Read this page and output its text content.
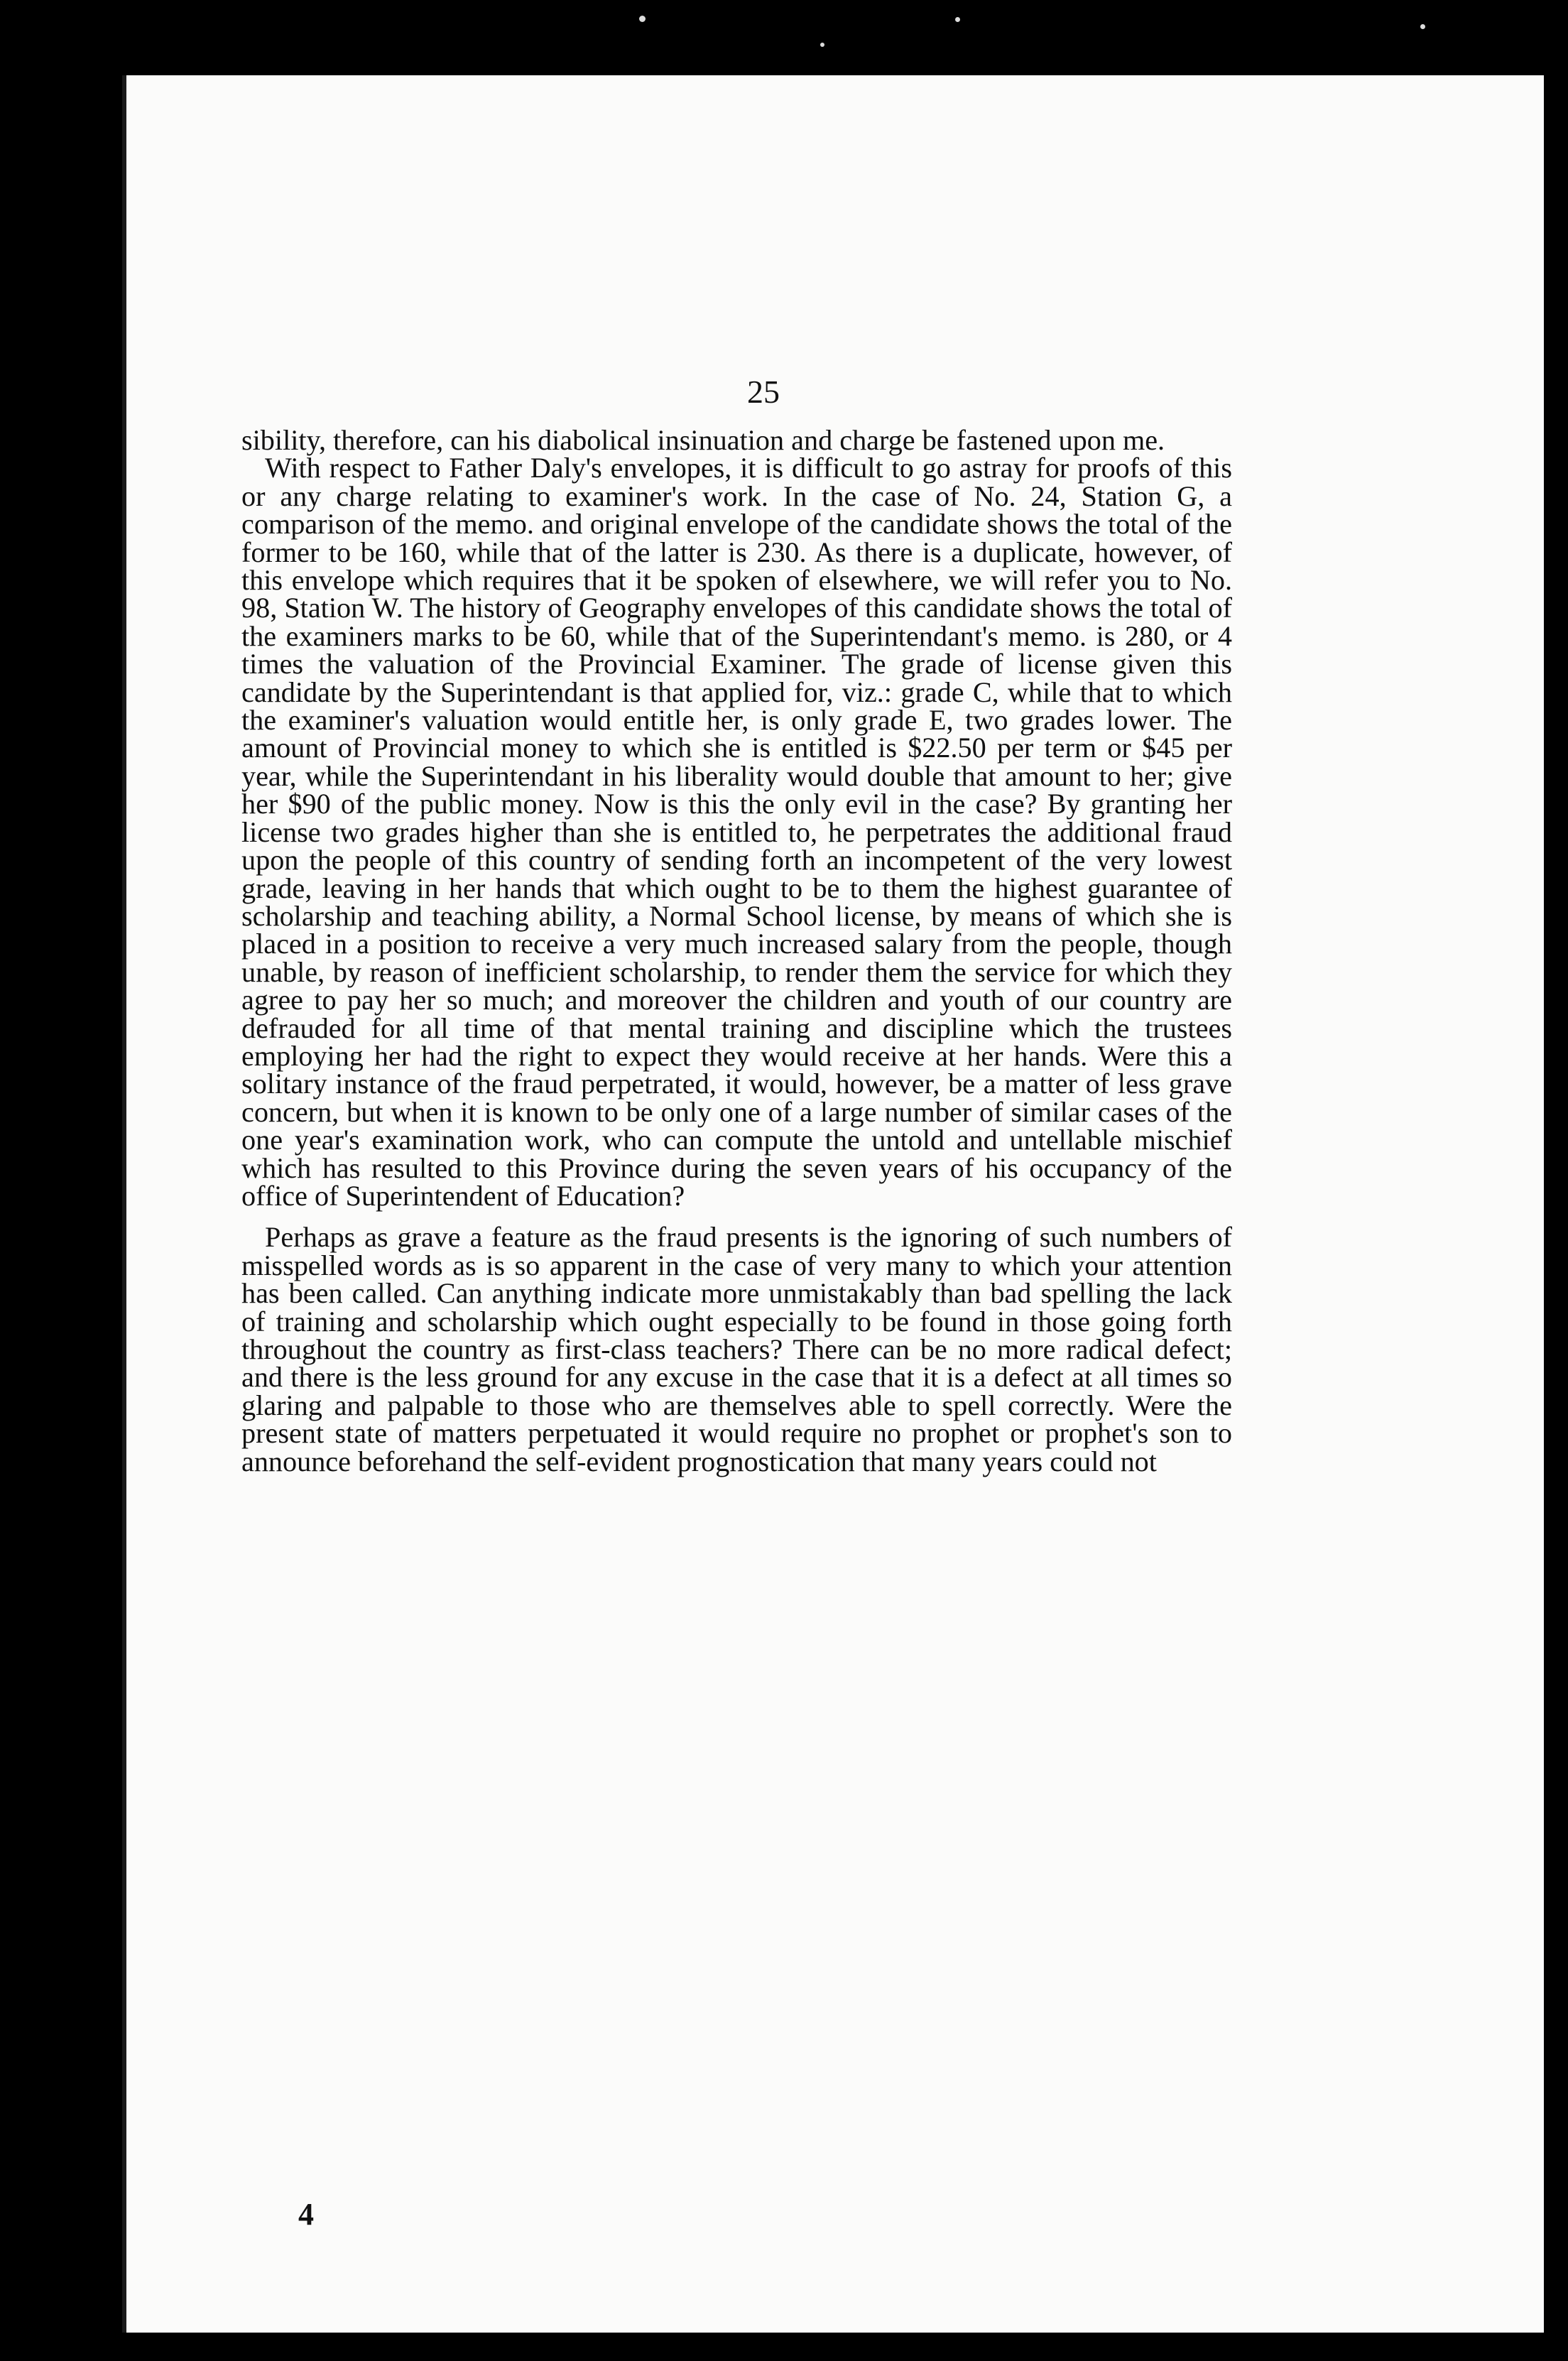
25

sibility, therefore, can his diabolical insinuation and charge be fastened upon me.

With respect to Father Daly's envelopes, it is difficult to go astray for proofs of this or any charge relating to examiner's work. In the case of No. 24, Station G, a comparison of the memo. and original envelope of the candidate shows the total of the former to be 160, while that of the latter is 230. As there is a duplicate, however, of this envelope which requires that it be spoken of elsewhere, we will refer you to No. 98, Station W. The history of Geography envelopes of this candidate shows the total of the examiners marks to be 60, while that of the Superintendant's memo. is 280, or 4 times the valuation of the Provincial Examiner. The grade of license given this candidate by the Superintendant is that applied for, viz.: grade C, while that to which the examiner's valuation would entitle her, is only grade E, two grades lower. The amount of Provincial money to which she is entitled is $22.50 per term or $45 per year, while the Superintendant in his liberality would double that amount to her; give her $90 of the public money. Now is this the only evil in the case? By granting her license two grades higher than she is entitled to, he perpetrates the additional fraud upon the people of this country of sending forth an incompetent of the very lowest grade, leaving in her hands that which ought to be to them the highest guarantee of scholarship and teaching ability, a Normal School license, by means of which she is placed in a position to receive a very much increased salary from the people, though unable, by reason of inefficient scholarship, to render them the service for which they agree to pay her so much; and moreover the children and youth of our country are defrauded for all time of that mental training and discipline which the trustees employing her had the right to expect they would receive at her hands. Were this a solitary instance of the fraud perpetrated, it would, however, be a matter of less grave concern, but when it is known to be only one of a large number of similar cases of the one year's examination work, who can compute the untold and untellable mischief which has resulted to this Province during the seven years of his occupancy of the office of Superintendent of Education?

Perhaps as grave a feature as the fraud presents is the ignoring of such numbers of misspelled words as is so apparent in the case of very many to which your attention has been called. Can anything indicate more unmistakably than bad spelling the lack of training and scholarship which ought especially to be found in those going forth throughout the country as first-class teachers? There can be no more radical defect; and there is the less ground for any excuse in the case that it is a defect at all times so glaring and palpable to those who are themselves able to spell correctly. Were the present state of matters perpetuated it would require no prophet or prophet's son to announce beforehand the self-evident prognostication that many years could not

4
